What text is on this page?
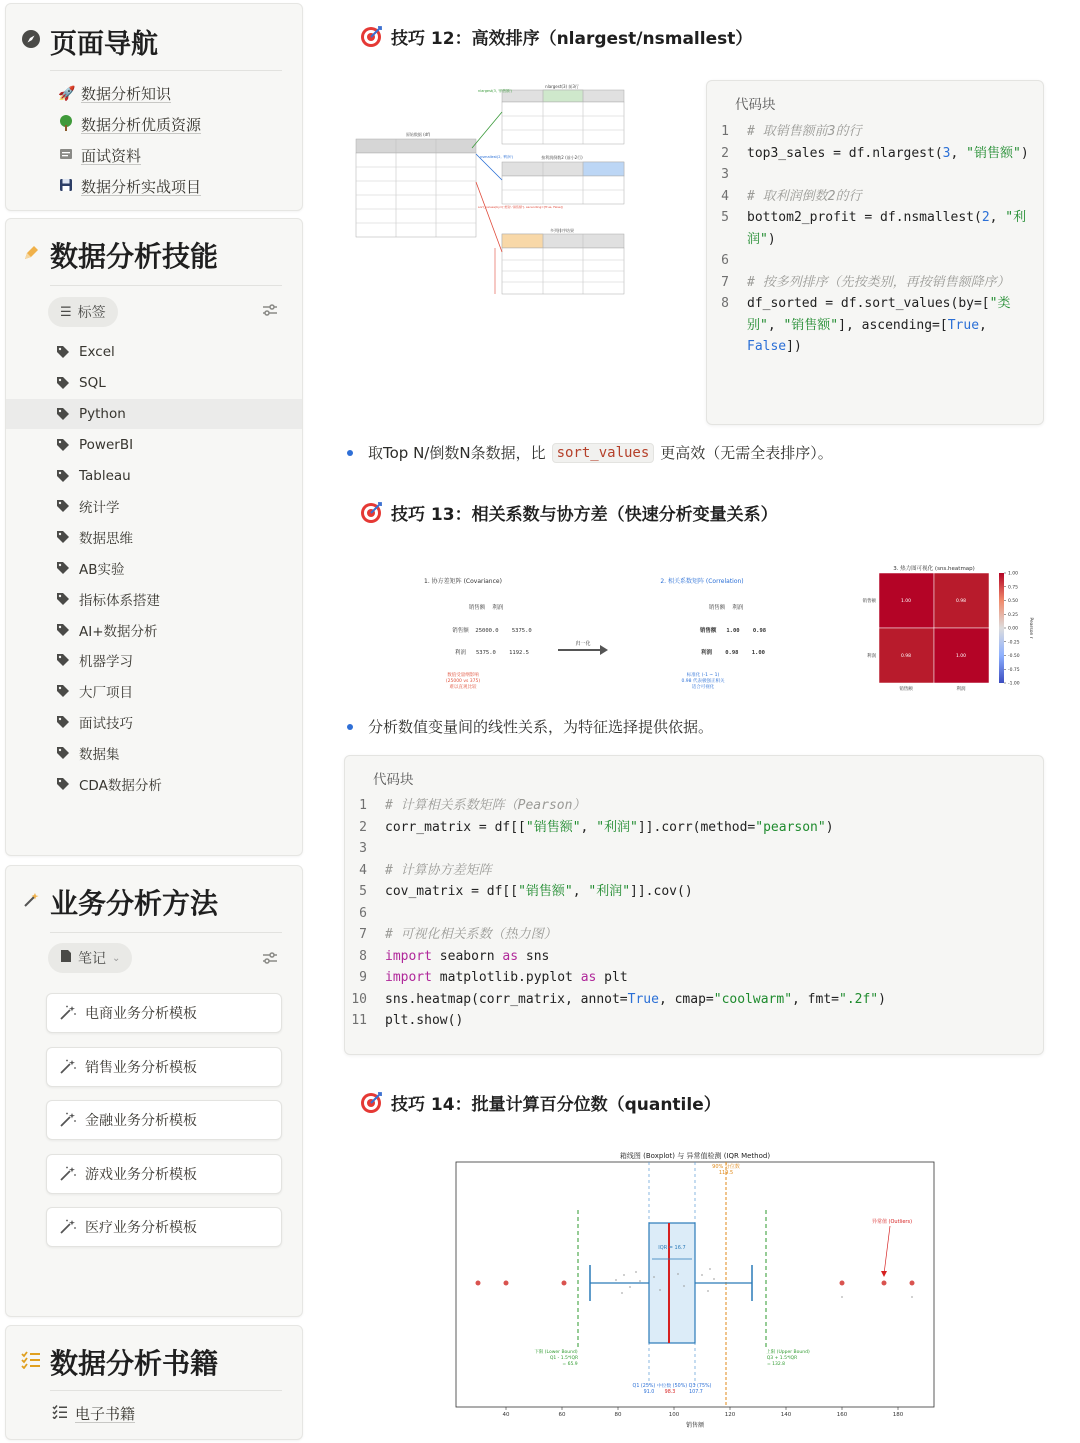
页面导航
🚀 数据分析知识
数据分析优质资源
面试资料
数据分析实战项目
数据分析技能
☰ 标签
Excel
SQL
Python
PowerBI
Tableau
统计学
数据思维
AB实验
指标体系搭建
AI+数据分析
机器学习
大厂项目
面试技巧
数据集
CDA数据分析
业务分析方法
笔记 ⌄
电商业务分析模板
销售业务分析模板
金融业务分析模板
游戏业务分析模板
医疗业务分析模板
数据分析书籍
电子书籍
技巧 12：高效排序（nlargest/nsmallest）
原始数据 (df)
nlargest(3) 前3行
按利润倒数2 (前小2行)
多列排序结果
nlargest(3, '销售额')
nsmallest(2, '利润')
sort_values(by=['类别','销售额'], ascending=[True, False])
代码块
1	# 取销售额前3的行
2	top3_sales = df.nlargest(3, "销售额")
3

4	# 取利润倒数2的行
5	bottom2_profit = df.nsmallest(2, "利润")
6

7	# 按多列排序（先按类别，再按销售额降序）
8	df_sorted = df.sort_values(by=["类别", "销售额"], ascending=[True, False])
取Top N/倒数N条数据，比 sort_values 更高效（无需全表排序）。
技巧 13：相关系数与协方差（快速分析变量关系）
1. 协方差矩阵 (Covariance)
销售额    利润
销售额  25000.0    5375.0
利润   5375.0    1192.5
数值受量纲影响
(25000 vs 375)
难以直观比较
归一化
2. 相关系数矩阵 (Correlation)
销售额    利润
销售额   1.00    0.98
利润    0.98    1.00
标准化 (-1 ~ 1)
0.98 代表极强正相关
适合可视化
3. 热力图可视化 (sns.heatmap)
1.00	0.98
0.98	1.00
销售额
利润
销售额	利润
1.00
0.75
0.50
0.25
0.00
-0.25
-0.50
-0.75
-1.00
Pearson r
分析数值变量间的线性关系，为特征选择提供依据。
代码块
1	# 计算相关系数矩阵（Pearson）
2	corr_matrix = df[["销售额", "利润"]].corr(method="pearson")
3

4	# 计算协方差矩阵
5	cov_matrix = df[["销售额", "利润"]].cov()
6

7	# 可视化相关系数（热力图）
8	import seaborn as sns
9	import matplotlib.pyplot as plt
10	sns.heatmap(corr_matrix, annot=True, cmap="coolwarm", fmt=".2f")
11	plt.show()
技巧 14：批量计算百分位数（quantile）
箱线图 (Boxplot) 与 异常值检测 (IQR Method)
40	60	80	100	120	140	160	180
销售额
90% 分位数
119.5
IQR = 16.7
异常值 (Outliers)
下限 (Lower Bound)
Q1 - 1.5*IQR
= 65.9
上限 (Upper Bound)
Q3 + 1.5*IQR
= 132.8
Q1 (25%) 中位数 (50%) Q3 (75%)
91.0 98.3	107.7
